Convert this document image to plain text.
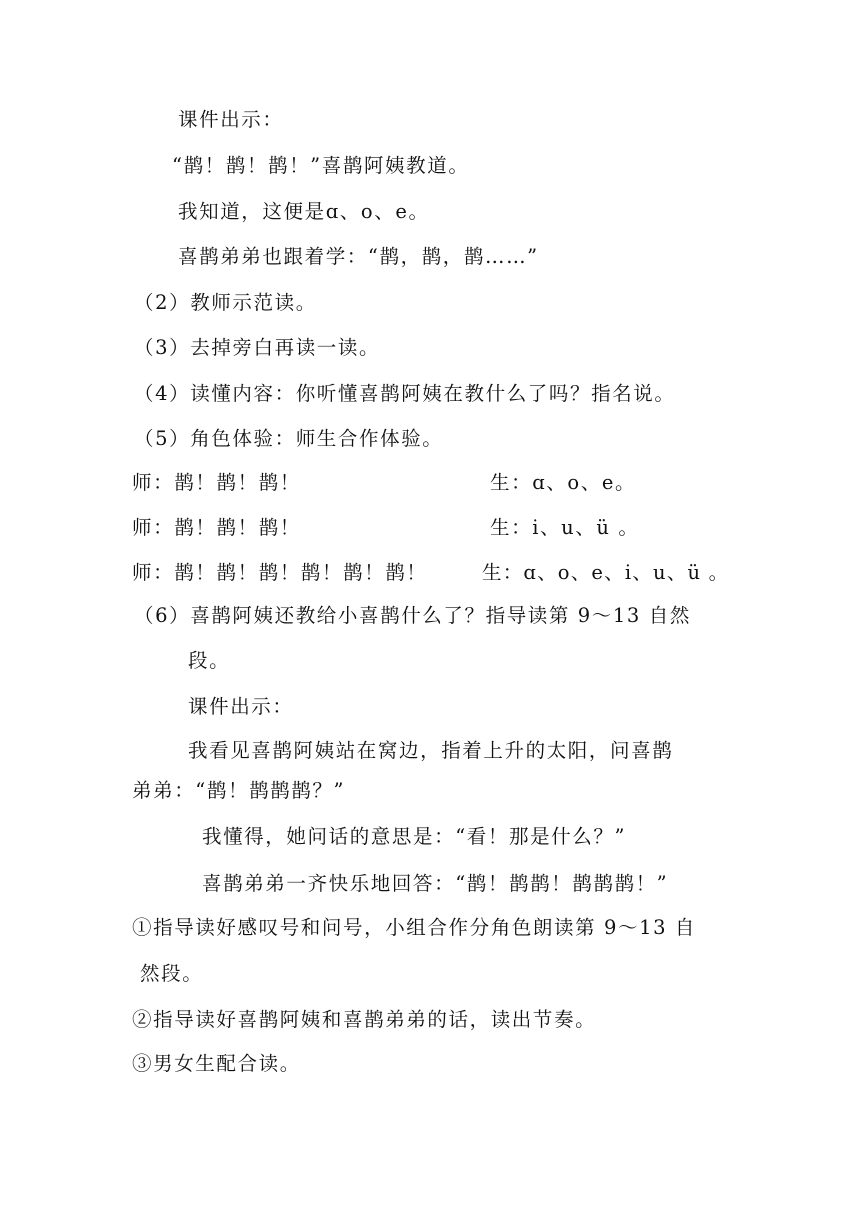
课件出示：
“鹊！鹊！鹊！”喜鹊阿姨教道。
我知道，这便是ɑ、o、e。
喜鹊弟弟也跟着学：“鹊，鹊，鹊……”
（2）教师示范读。
（3）去掉旁白再读一读。
（4）读懂内容：你听懂喜鹊阿姨在教什么了吗？指名说。
（5）角色体验：师生合作体验。
师：鹊！鹊！鹊！	生：ɑ、o、e。
师：鹊！鹊！鹊！	生：i、u、ü 。
师：鹊！鹊！鹊！鹊！鹊！鹊！	生：ɑ、o、e、i、u、ü 。
（6）喜鹊阿姨还教给小喜鹊什么了？指导读第 9～13 自然
段。
课件出示：
我看见喜鹊阿姨站在窝边，指着上升的太阳，问喜鹊
弟弟：“鹊！鹊鹊鹊？”
我懂得，她问话的意思是：“看！那是什么？”
喜鹊弟弟一齐快乐地回答：“鹊！鹊鹊！鹊鹊鹊！”
①指导读好感叹号和问号，小组合作分角色朗读第 9～13 自
然段。
②指导读好喜鹊阿姨和喜鹊弟弟的话，读出节奏。
③男女生配合读。
